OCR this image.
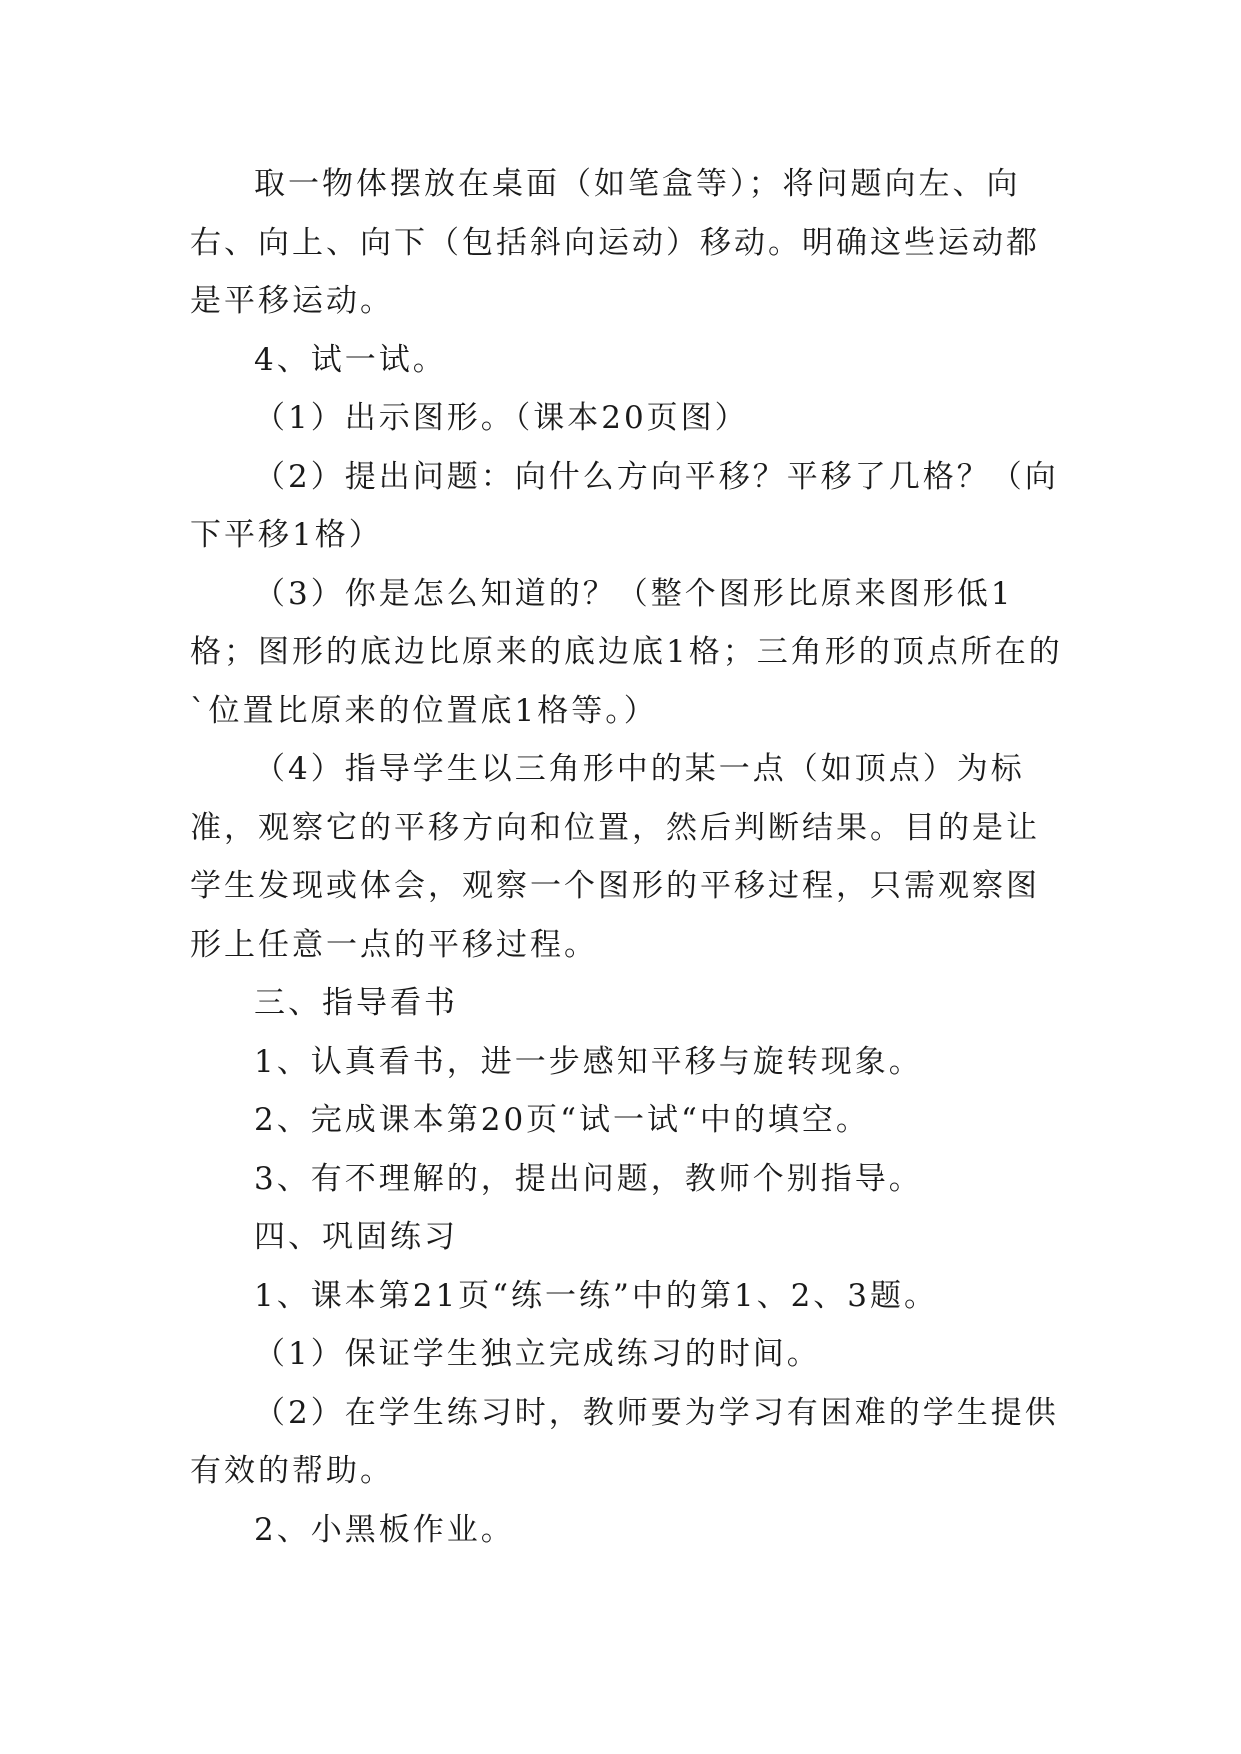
取一物体摆放在桌面（如笔盒等）；将问题向左、向右、向上、向下（包括斜向运动）移动。明确这些运动都是平移运动。

4、试一试。

（1）出示图形。（课本20页图）

（2）提出问题：向什么方向平移？平移了几格？（向下平移1格）

（3）你是怎么知道的？（整个图形比原来图形低1格；图形的底边比原来的底边底1格；三角形的顶点所在的`位置比原来的位置底1格等。）

（4）指导学生以三角形中的某一点（如顶点）为标准，观察它的平移方向和位置，然后判断结果。目的是让学生发现或体会，观察一个图形的平移过程，只需观察图形上任意一点的平移过程。

三、指导看书

1、认真看书，进一步感知平移与旋转现象。

2、完成课本第20页“试一试“中的填空。

3、有不理解的，提出问题，教师个别指导。

四、巩固练习

1、课本第21页“练一练”中的第1、2、3题。

（1）保证学生独立完成练习的时间。

（2）在学生练习时，教师要为学习有困难的学生提供有效的帮助。

2、小黑板作业。
